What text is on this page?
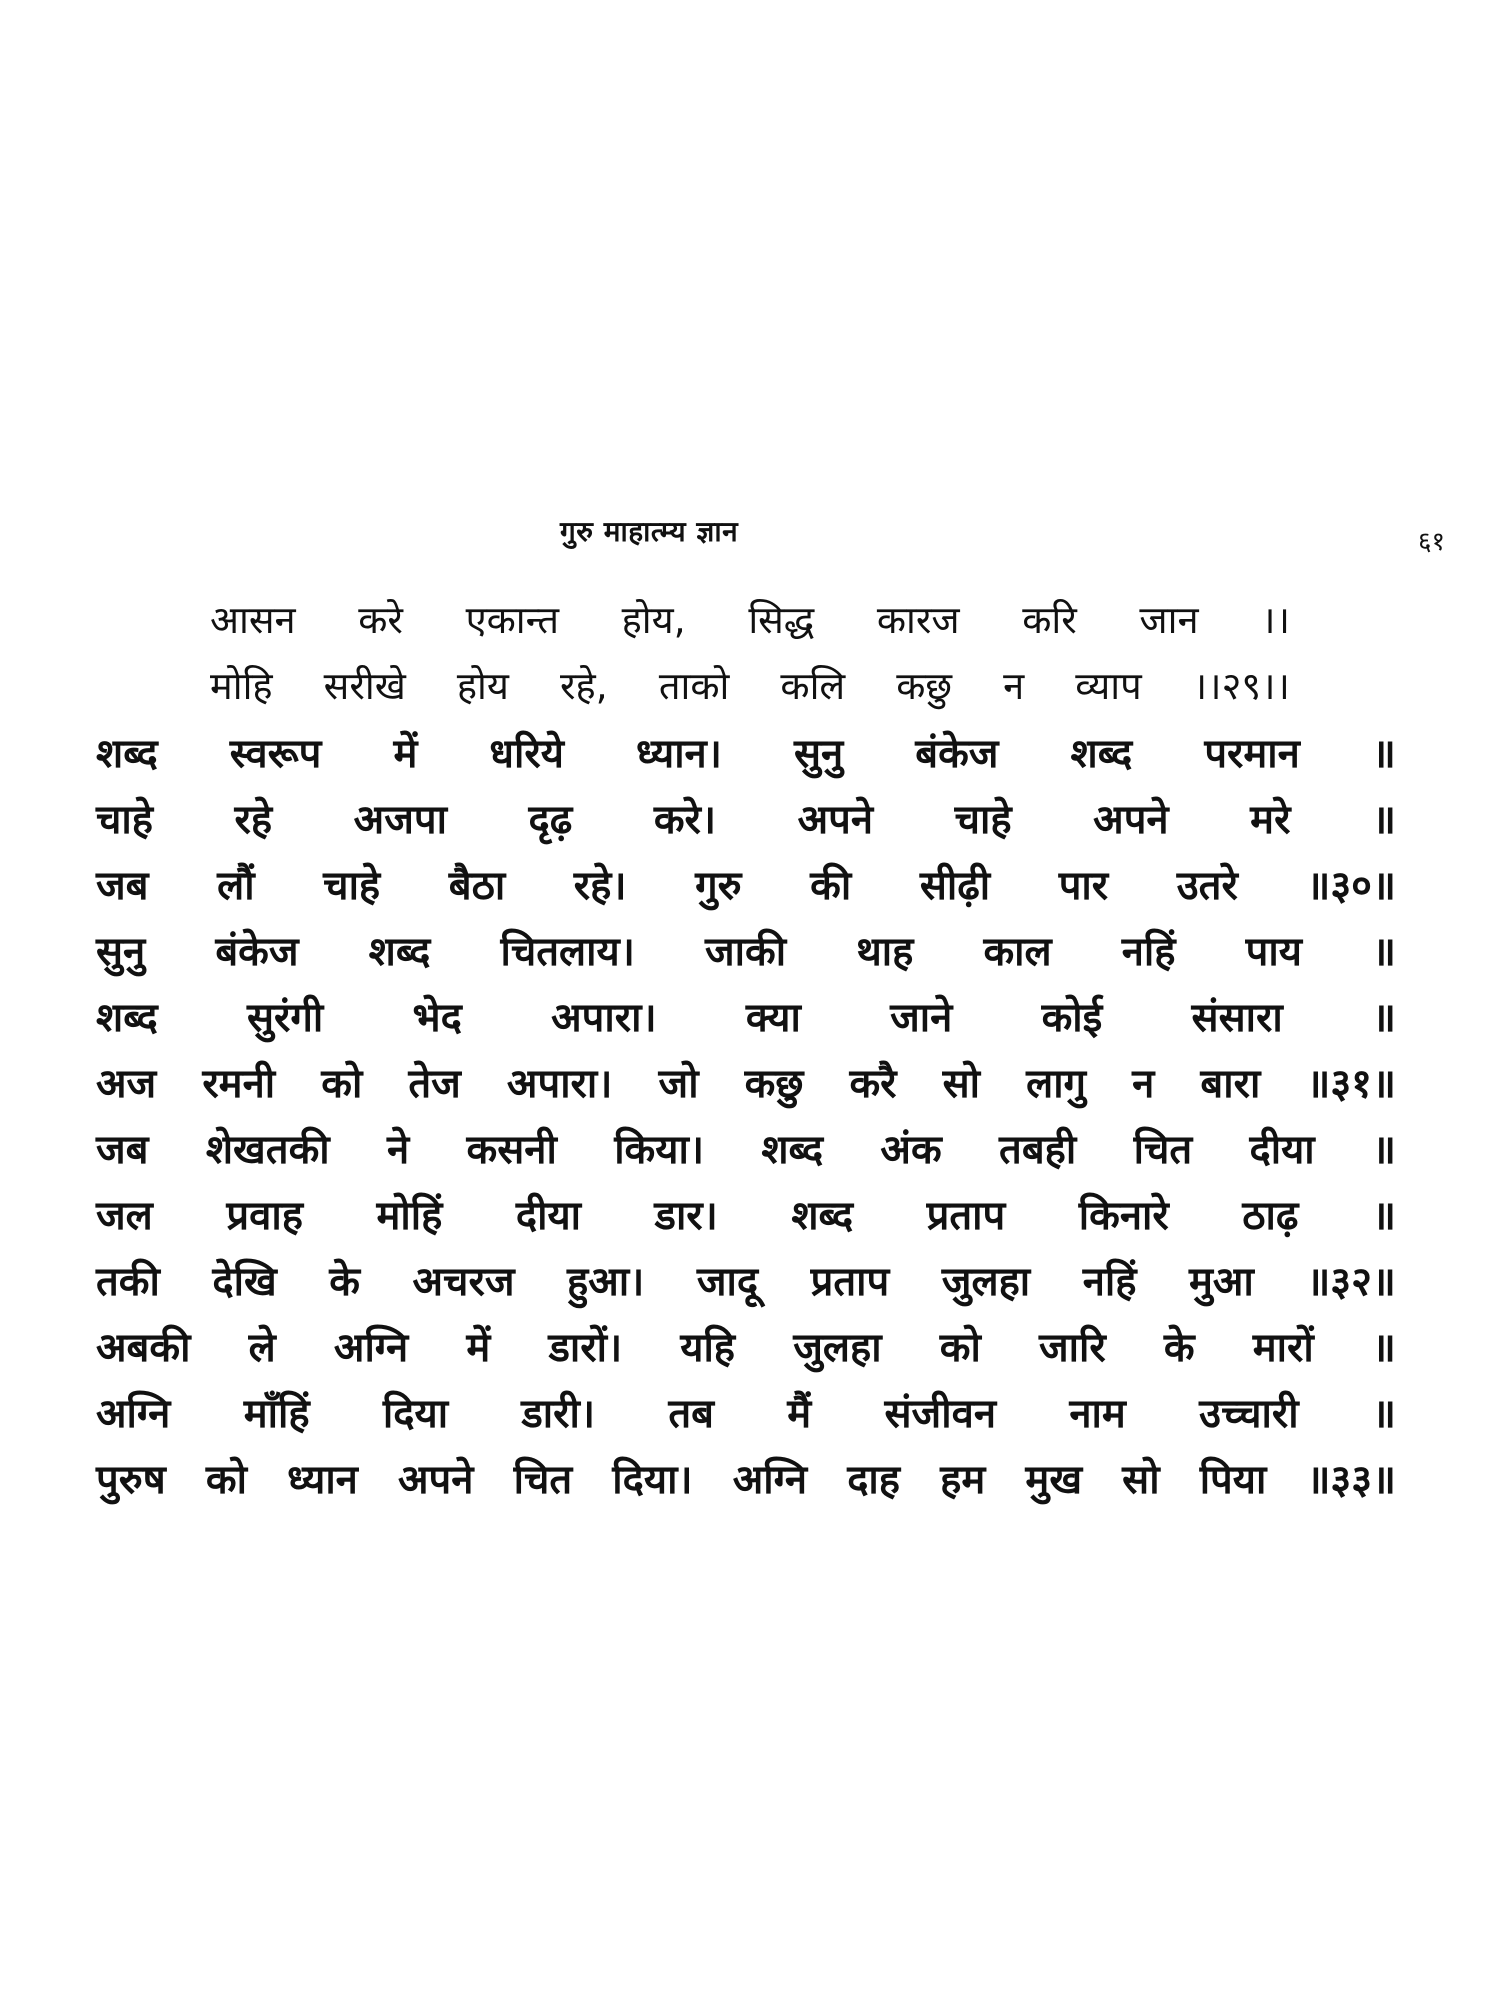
गुरु माहात्म्य ज्ञान	६१
आसन करे एकान्त होय, सिद्ध कारज करि जान ।।
मोहि सरीखे होय रहे, ताको कलि कछु न व्याप ।।२९।।
शब्द स्वरूप में धरिये ध्यान। सुनु बंकेज शब्द परमान ॥
चाहे रहे अजपा दृढ़ करे। अपने चाहे अपने मरे ॥
जब लौं चाहे बैठा रहे। गुरु की सीढ़ी पार उतरे ॥३०॥
सुनु बंकेज शब्द चितलाय। जाकी थाह काल नहिं पाय ॥
शब्द सुरंगी भेद अपारा। क्या जाने कोई संसारा ॥
अज रमनी को तेज अपारा। जो कछु करै सो लागु न बारा ॥३१॥
जब शेखतकी ने कसनी किया। शब्द अंक तबही चित दीया ॥
जल प्रवाह मोहिं दीया डार। शब्द प्रताप किनारे ठाढ़ ॥
तकी देखि के अचरज हुआ। जादू प्रताप जुलहा नहिं मुआ ॥३२॥
अबकी ले अग्नि में डारों। यहि जुलहा को जारि के मारों ॥
अग्नि माँहिं दिया डारी। तब मैं संजीवन नाम उच्चारी ॥
पुरुष को ध्यान अपने चित दिया। अग्नि दाह हम मुख सो पिया ॥३३॥
